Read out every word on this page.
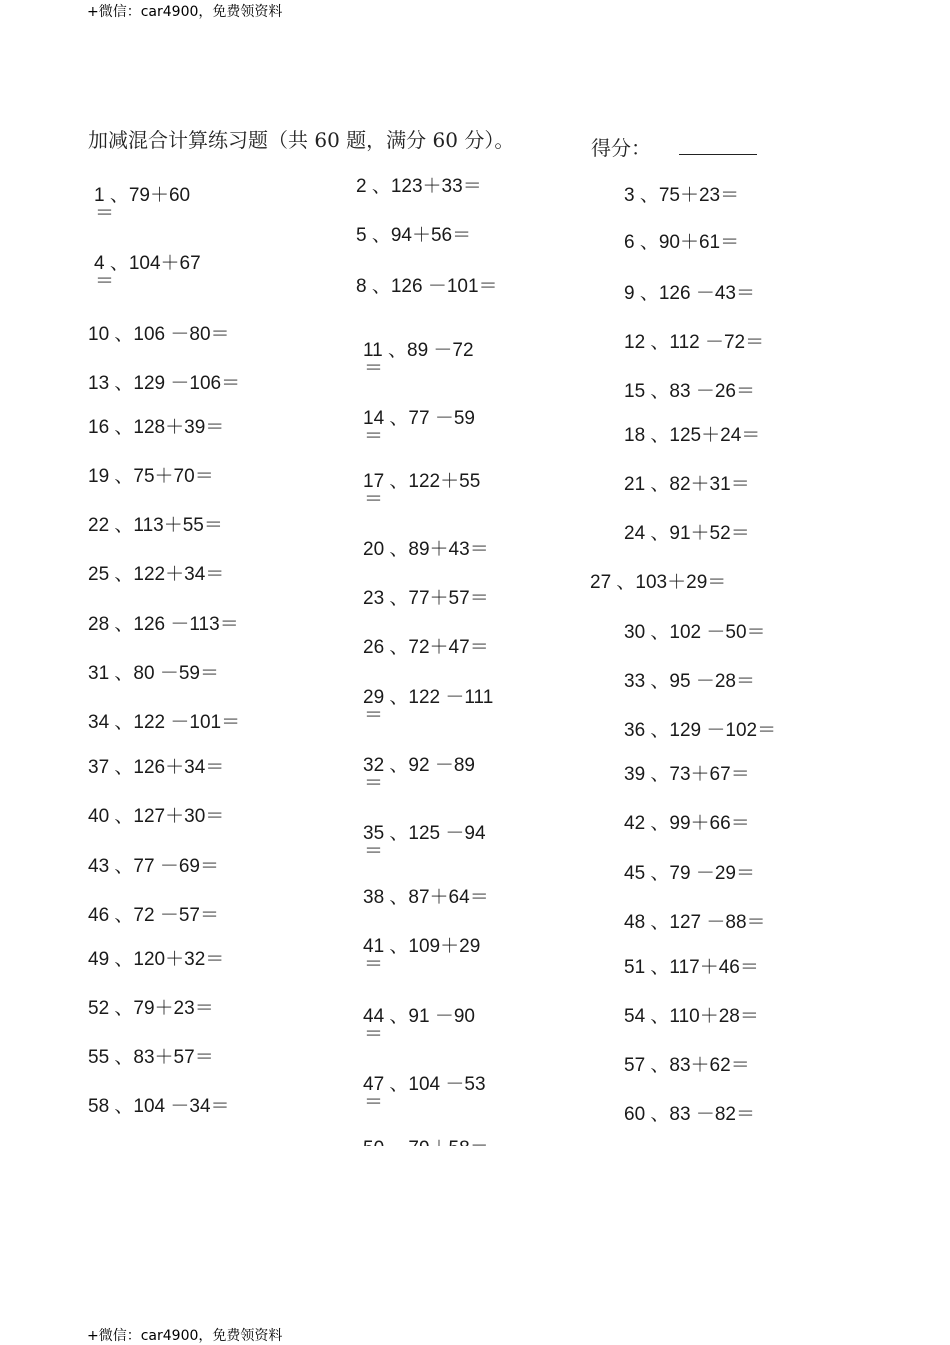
+微信：car4900，免费领资料
加减混合计算练习题（共 60 题，满分 60 分）。	得分：
1 、79＋60
＝
4 、104＋67
＝
10 、106 －80＝
13 、129 －106＝
16 、128＋39＝
19 、75＋70＝
22 、113＋55＝
25 、122＋34＝
28 、126 －113＝
31 、80 －59＝
34 、122 －101＝
37 、126＋34＝
40 、127＋30＝
43 、77 －69＝
46 、72 －57＝
49 、120＋32＝
52 、79＋23＝
55 、83＋57＝
58 、104 －34＝
2 、123＋33＝
5 、94＋56＝
8 、126 －101＝
11 、89 －72
＝
14 、77 －59
＝
17 、122＋55
＝
20 、89＋43＝
23 、77＋57＝
26 、72＋47＝
29 、122 －111
＝
32 、92 －89
＝
35 、125 －94
＝
38 、87＋64＝
41 、109＋29
＝
44 、91 －90
＝
47 、104 －53
＝
3 、75＋23＝
6 、90＋61＝
9 、126 －43＝
12 、112 －72＝
15 、83 －26＝
18 、125＋24＝
21 、82＋31＝
24 、91＋52＝
27 、103＋29＝
30 、102 －50＝
33 、95 －28＝
36 、129 －102＝
39 、73＋67＝
42 、99＋66＝
45 、79 －29＝
48 、127 －88＝
51 、117＋46＝
54 、110＋28＝
57 、83＋62＝
60 、83 －82＝
+微信：car4900，免费领资料
